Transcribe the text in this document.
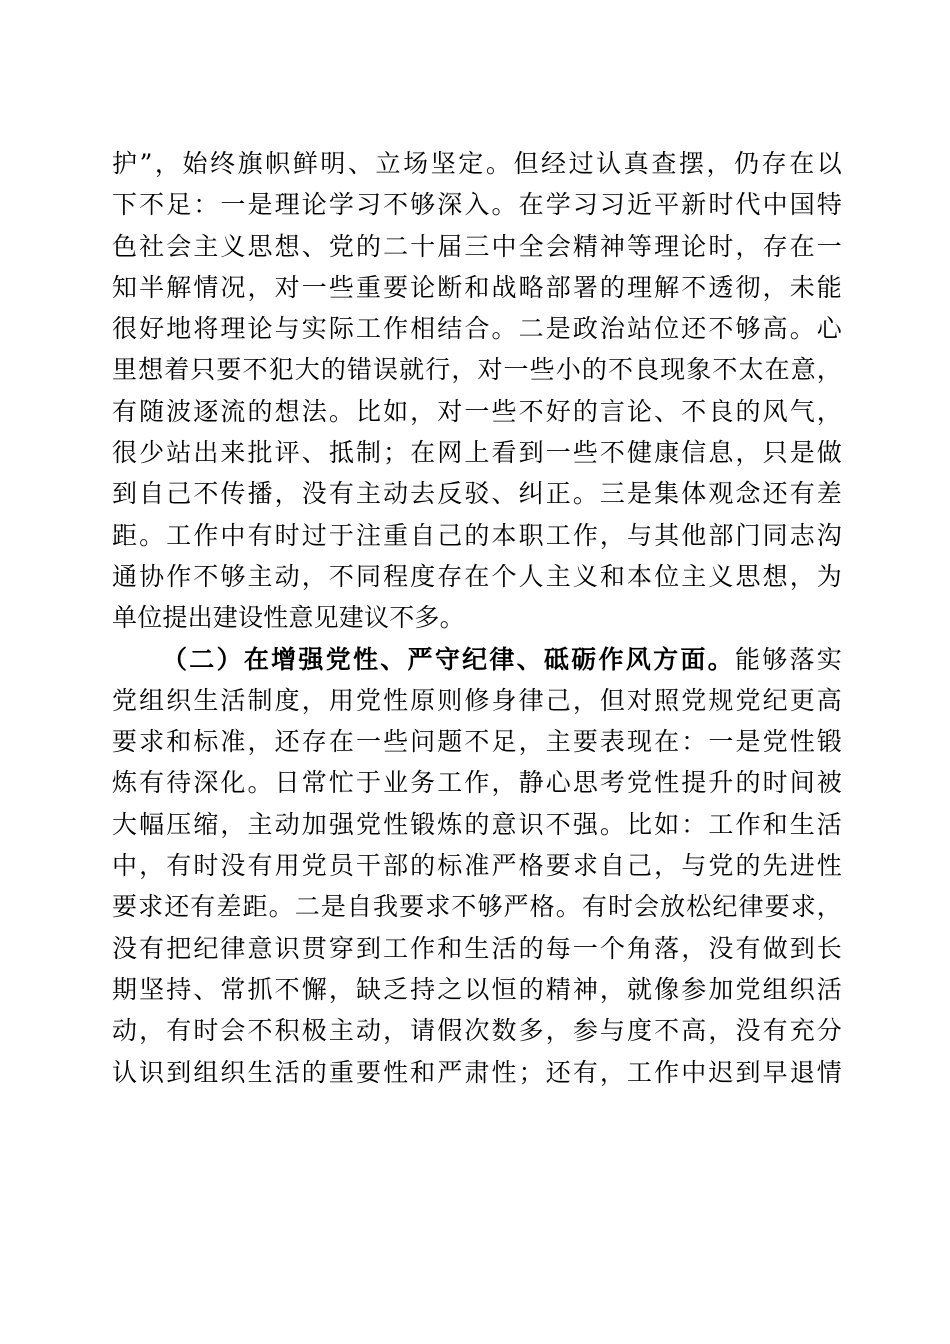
护”，始终旗帜鲜明、立场坚定。但经过认真查摆，仍存在以
下不足：一是理论学习不够深入。在学习习近平新时代中国特
色社会主义思想、党的二十届三中全会精神等理论时，存在一
知半解情况，对一些重要论断和战略部署的理解不透彻，未能
很好地将理论与实际工作相结合。二是政治站位还不够高。心
里想着只要不犯大的错误就行，对一些小的不良现象不太在意，
有随波逐流的想法。比如，对一些不好的言论、不良的风气，
很少站出来批评、抵制；在网上看到一些不健康信息，只是做
到自己不传播，没有主动去反驳、纠正。三是集体观念还有差
距。工作中有时过于注重自己的本职工作，与其他部门同志沟
通协作不够主动，不同程度存在个人主义和本位主义思想，为
单位提出建设性意见建议不多。
（二）在增强党性、严守纪律、砥砺作风方面。能够落实
党组织生活制度，用党性原则修身律己，但对照党规党纪更高
要求和标准，还存在一些问题不足，主要表现在：一是党性锻
炼有待深化。日常忙于业务工作，静心思考党性提升的时间被
大幅压缩，主动加强党性锻炼的意识不强。比如：工作和生活
中，有时没有用党员干部的标准严格要求自己，与党的先进性
要求还有差距。二是自我要求不够严格。有时会放松纪律要求，
没有把纪律意识贯穿到工作和生活的每一个角落，没有做到长
期坚持、常抓不懈，缺乏持之以恒的精神，就像参加党组织活
动，有时会不积极主动，请假次数多，参与度不高，没有充分
认识到组织生活的重要性和严肃性；还有，工作中迟到早退情
